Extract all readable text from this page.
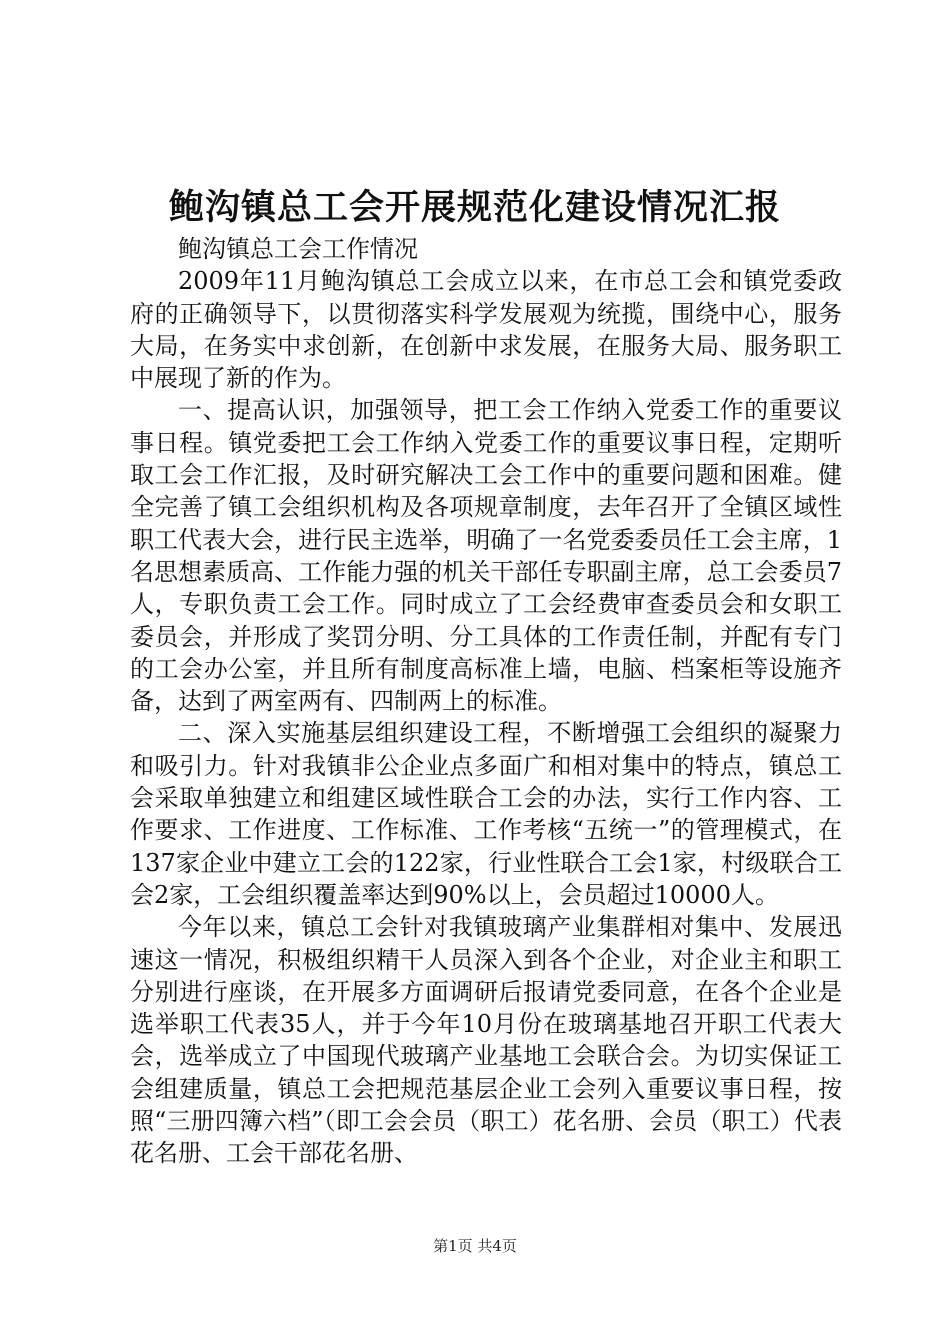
鲍沟镇总工会开展规范化建设情况汇报

鲍沟镇总工会工作情况

2009年11月鲍沟镇总工会成立以来，在市总工会和镇党委政府的正确领导下，以贯彻落实科学发展观为统揽，围绕中心，服务大局，在务实中求创新，在创新中求发展，在服务大局、服务职工中展现了新的作为。

一、提高认识，加强领导，把工会工作纳入党委工作的重要议事日程。镇党委把工会工作纳入党委工作的重要议事日程，定期听取工会工作汇报，及时研究解决工会工作中的重要问题和困难。健全完善了镇工会组织机构及各项规章制度，去年召开了全镇区域性职工代表大会，进行民主选举，明确了一名党委委员任工会主席，1名思想素质高、工作能力强的机关干部任专职副主席，总工会委员7人，专职负责工会工作。同时成立了工会经费审查委员会和女职工委员会，并形成了奖罚分明、分工具体的工作责任制，并配有专门的工会办公室，并且所有制度高标准上墙，电脑、档案柜等设施齐备，达到了两室两有、四制两上的标准。

二、深入实施基层组织建设工程，不断增强工会组织的凝聚力和吸引力。针对我镇非公企业点多面广和相对集中的特点，镇总工会采取单独建立和组建区域性联合工会的办法，实行工作内容、工作要求、工作进度、工作标准、工作考核“五统一”的管理模式，在137家企业中建立工会的122家，行业性联合工会1家，村级联合工会2家，工会组织覆盖率达到90%以上，会员超过10000人。

今年以来，镇总工会针对我镇玻璃产业集群相对集中、发展迅速这一情况，积极组织精干人员深入到各个企业，对企业主和职工分别进行座谈，在开展多方面调研后报请党委同意，在各个企业是选举职工代表35人，并于今年10月份在玻璃基地召开职工代表大会，选举成立了中国现代玻璃产业基地工会联合会。为切实保证工会组建质量，镇总工会把规范基层企业工会列入重要议事日程，按照“三册四簿六档”（即工会会员（职工）花名册、会员（职工）代表花名册、工会干部花名册、

第1页 共4页
